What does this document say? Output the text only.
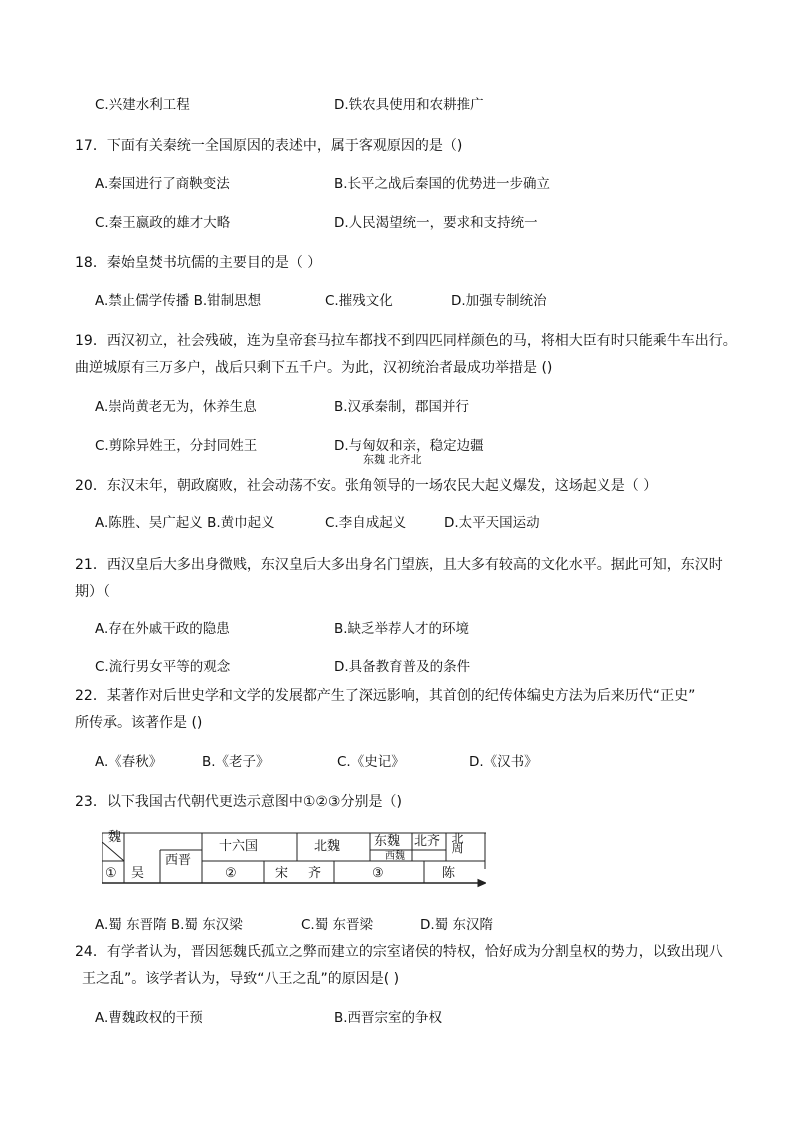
C.兴建水利工程	D.铁农具使用和农耕推广
17．下面有关秦统一全国原因的表述中，属于客观原因的是（)
A.秦国进行了商鞅变法	B.长平之战后秦国的优势进一步确立
C.秦王嬴政的雄才大略	D.人民渴望统一，要求和支持统一
18．秦始皇焚书坑儒的主要目的是（ ）
A.禁止儒学传播 B.钳制思想	C.摧残文化	D.加强专制统治
19．西汉初立，社会残破，连为皇帝套马拉车都找不到四匹同样颜色的马，将相大臣有时只能乘牛车出行。
曲逆城原有三万多户，战后只剩下五千户。为此，汉初统治者最成功举措是 ()
A.崇尚黄老无为，休养生息	B.汉承秦制，郡国并行
C.剪除异姓王，分封同姓王	D.与匈奴和亲，稳定边疆
东魏 北齐北
20．东汉末年，朝政腐败，社会动荡不安。张角领导的一场农民大起义爆发，这场起义是（ ）
A.陈胜、吴广起义 B.黄巾起义	C.李自成起义	D.太平天国运动
21．西汉皇后大多出身微贱，东汉皇后大多出身名门望族，且大多有较高的文化水平。据此可知，东汉时
期）（
A.存在外戚干政的隐患	B.缺乏举荐人才的环境
C.流行男女平等的观念	D.具备教育普及的条件
22．某著作对后世史学和文学的发展都产生了深远影响，其首创的纪传体编史方法为后来历代“正史”
所传承。该著作是 ()
A.《春秋》	B.《老子》	C.《史记》	D.《汉书》
23．以下我国古代朝代更迭示意图中①②③分别是（)
魏
① 吴
西晋
十六国
②	宋 齐
北魏
③
东魏
西魏
北齐 北周
陈
A.蜀 东晋隋 B.蜀 东汉梁	C.蜀 东晋梁	D.蜀 东汉隋
24．有学者认为，晋因惩魏氏孤立之弊而建立的宗室诸侯的特权，恰好成为分割皇权的势力，以致出现八
王之乱”。该学者认为，导致“八王之乱”的原因是( )
A.曹魏政权的干预	B.西晋宗室的争权
